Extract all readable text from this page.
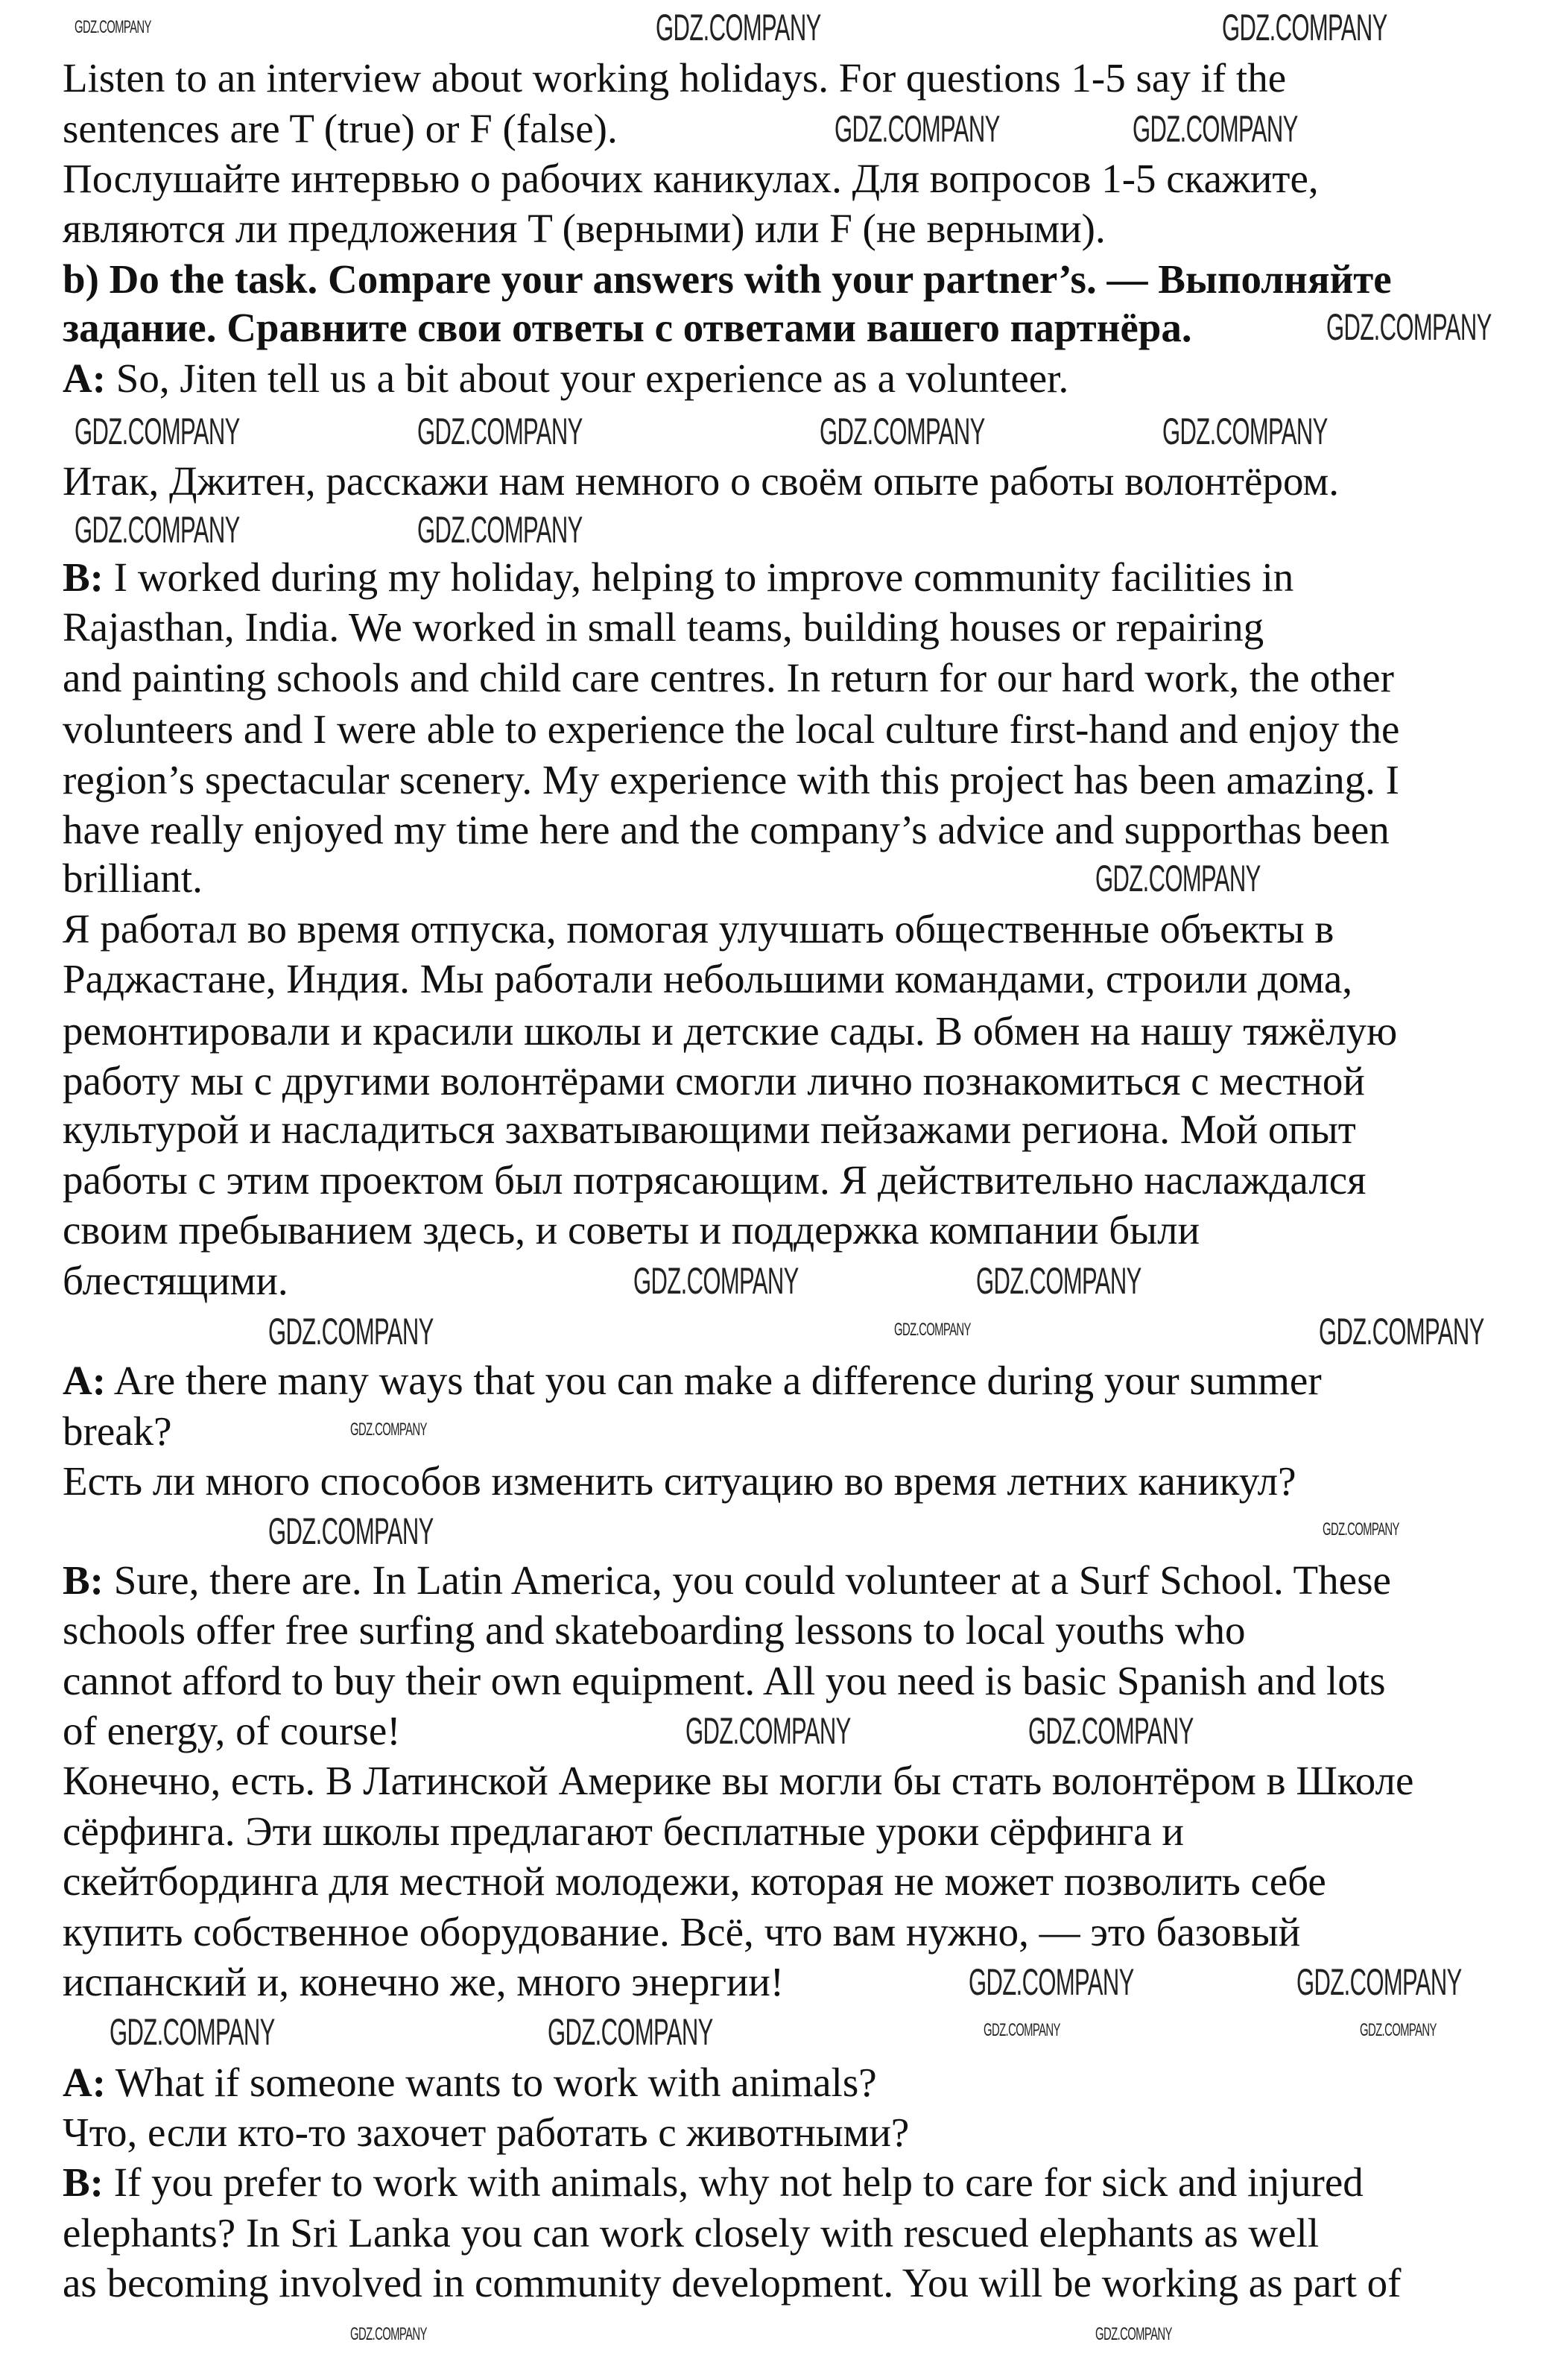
Listen to an interview about working holidays. For questions 1-5 say if the
sentences are T (true) or F (false).
Послушайте интервью о рабочих каникулах. Для вопросов 1-5 скажите,
являются ли предложения T (верными) или F (не верными).
b) Do the task. Compare your answers with your partner’s. — Выполняйте
задание. Сравните свои ответы с ответами вашего партнёра.
A: So, Jiten tell us a bit about your experience as a volunteer.
Итак, Джитен, расскажи нам немного о своём опыте работы волонтёром.
B: I worked during my holiday, helping to improve community facilities in
Rajasthan, India. We worked in small teams, building houses or repairing
and painting schools and child care centres. In return for our hard work, the other
volunteers and I were able to experience the local culture first-hand and enjoy the
region’s spectacular scenery. My experience with this project has been amazing. I
have really enjoyed my time here and the company’s advice and supporthas been
brilliant.
Я работал во время отпуска, помогая улучшать общественные объекты в
Раджастане, Индия. Мы работали небольшими командами, строили дома,
ремонтировали и красили школы и детские сады. В обмен на нашу тяжёлую
работу мы с другими волонтёрами смогли лично познакомиться с местной
культурой и насладиться захватывающими пейзажами региона. Мой опыт
работы с этим проектом был потрясающим. Я действительно наслаждался
своим пребыванием здесь, и советы и поддержка компании были
блестящими.
A: Are there many ways that you can make a difference during your summer
break?
Есть ли много способов изменить ситуацию во время летних каникул?
B: Sure, there are. In Latin America, you could volunteer at a Surf School. These
schools offer free surfing and skateboarding lessons to local youths who
cannot afford to buy their own equipment. All you need is basic Spanish and lots
of energy, of course!
Конечно, есть. В Латинской Америке вы могли бы стать волонтёром в Школе
сёрфинга. Эти школы предлагают бесплатные уроки сёрфинга и
скейтбординга для местной молодежи, которая не может позволить себе
купить собственное оборудование. Всё, что вам нужно, — это базовый
испанский и, конечно же, много энергии!
A: What if someone wants to work with animals?
Что, если кто-то захочет работать с животными?
B: If you prefer to work with animals, why not help to care for sick and injured
elephants? In Sri Lanka you can work closely with rescued elephants as well
as becoming involved in community development. You will be working as part of
GDZ.COMPANY	GDZ.COMPANY
GDZ.COMPANY	GDZ.COMPANY
GDZ.COMPANY
GDZ.COMPANY	GDZ.COMPANY	GDZ.COMPANY	GDZ.COMPANY
GDZ.COMPANY	GDZ.COMPANY
GDZ.COMPANY
GDZ.COMPANY	GDZ.COMPANY
GDZ.COMPANY	GDZ.COMPANY
GDZ.COMPANY
GDZ.COMPANY	GDZ.COMPANY
GDZ.COMPANY	GDZ.COMPANY
GDZ.COMPANY	GDZ.COMPANY
GDZ.COMPANY
GDZ.COMPANY
GDZ.COMPANY
GDZ.COMPANY
GDZ.COMPANY	GDZ.COMPANY
GDZ.COMPANY	GDZ.COMPANY
